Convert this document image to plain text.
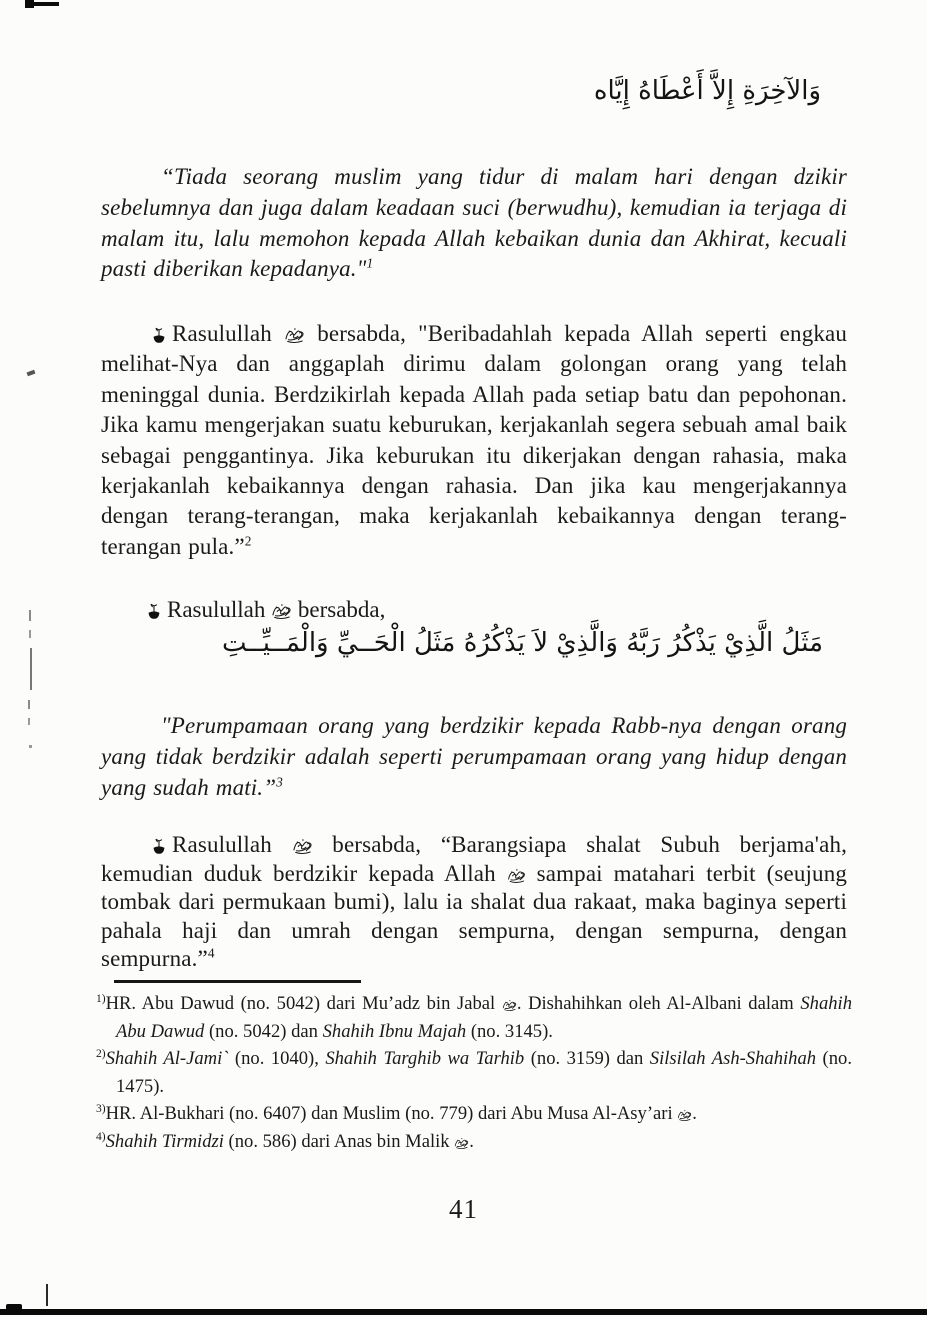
وَالآخِرَةِ إِلاَّ أَعْطَاهُ إِيَّاه

“Tiada seorang muslim yang tidur di malam hari dengan dzikir sebelumnya dan juga dalam keadaan suci (berwudhu), kemudian ia terjaga di malam itu, lalu memohon kepada Allah kebaikan dunia dan Akhirat, kecuali pasti diberikan kepadanya."$^1$

Rasulullah  bersabda, "Beribadahlah kepada Allah seperti engkau melihat-Nya dan anggaplah dirimu dalam golongan orang yang telah meninggal dunia. Berdzikirlah kepada Allah pada setiap batu dan pepohonan. Jika kamu mengerjakan suatu keburukan, kerjakanlah segera sebuah amal baik sebagai penggantinya. Jika keburukan itu dikerjakan dengan rahasia, maka kerjakanlah kebaikannya dengan rahasia. Dan jika kau mengerjakannya dengan terang-terangan, maka kerjakanlah kebaikannya dengan terang-terangan pula.”$^2$

Rasulullah  bersabda,
مَثَلُ الَّذِيْ يَذْكُرُ رَبَّهُ وَالَّذِيْ لاَ يَذْكُرُهُ مَثَلُ الْحَــيِّ وَالْمَــيِّــتِ

"Perumpamaan orang yang berdzikir kepada Rabb-nya dengan orang yang tidak berdzikir adalah seperti perumpamaan orang yang hidup dengan yang sudah mati.”$^3$

Rasulullah  bersabda, “Barangsiapa shalat Subuh berjama'ah, kemudian duduk berdzikir kepada Allah  sampai matahari terbit (seujung tombak dari permukaan bumi), lalu ia shalat dua rakaat, maka baginya seperti pahala haji dan umrah dengan sempurna, dengan sempurna, dengan sempurna.”$^4$

$^{1)}$HR. Abu Dawud (no. 5042) dari Mu’adz bin Jabal . Dishahihkan oleh Al-Albani dalam Shahih Abu Dawud (no. 5042) dan Shahih Ibnu Majah (no. 3145).
$^{2)}$Shahih Al-Jami` (no. 1040), Shahih Targhib wa Tarhib (no. 3159) dan Silsilah Ash-Shahihah (no. 1475).
$^{3)}$HR. Al-Bukhari (no. 6407) dan Muslim (no. 779) dari Abu Musa Al-Asy’ari .
$^{4)}$Shahih Tirmidzi (no. 586) dari Anas bin Malik .
41
